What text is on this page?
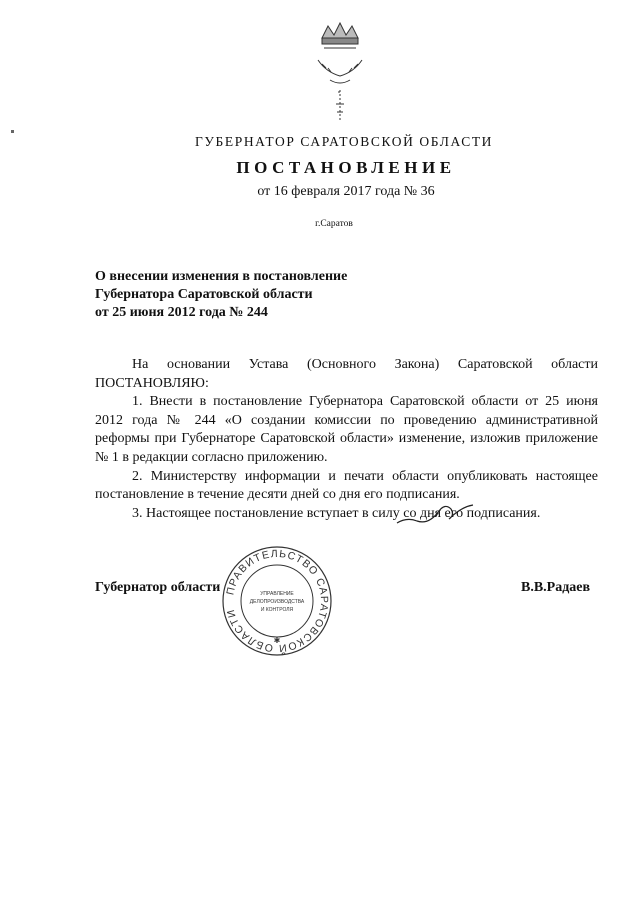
ГУБЕРНАТОР САРАТОВСКОЙ ОБЛАСТИ
ПОСТАНОВЛЕНИЕ
от 16 февраля 2017 года № 36
г.Саратов
О внесении изменения в постановление
Губернатора Саратовской области
от 25 июня 2012 года № 244

На основании Устава (Основного Закона) Саратовской области

ПОСТАНОВЛЯЮ:

1. Внести в постановление Губернатора Саратовской области от 25 июня 2012 года № 244 «О создании комиссии по проведению административной реформы при Губернаторе Саратовской области» изменение, изложив приложение № 1 в редакции согласно приложению.

2. Министерству информации и печати области опубликовать настоящее постановление в течение десяти дней со дня его подписания.

3. Настоящее постановление вступает в силу со дня его подписания.

Губернатор области	В.В.Радаев
ПРАВИТЕЛЬСТВО САРАТОВСКОЙ ОБЛАСТИ
✱
УПРАВЛЕНИЕ
ДЕЛОПРОИЗВОДСТВА
И КОНТРОЛЯ
